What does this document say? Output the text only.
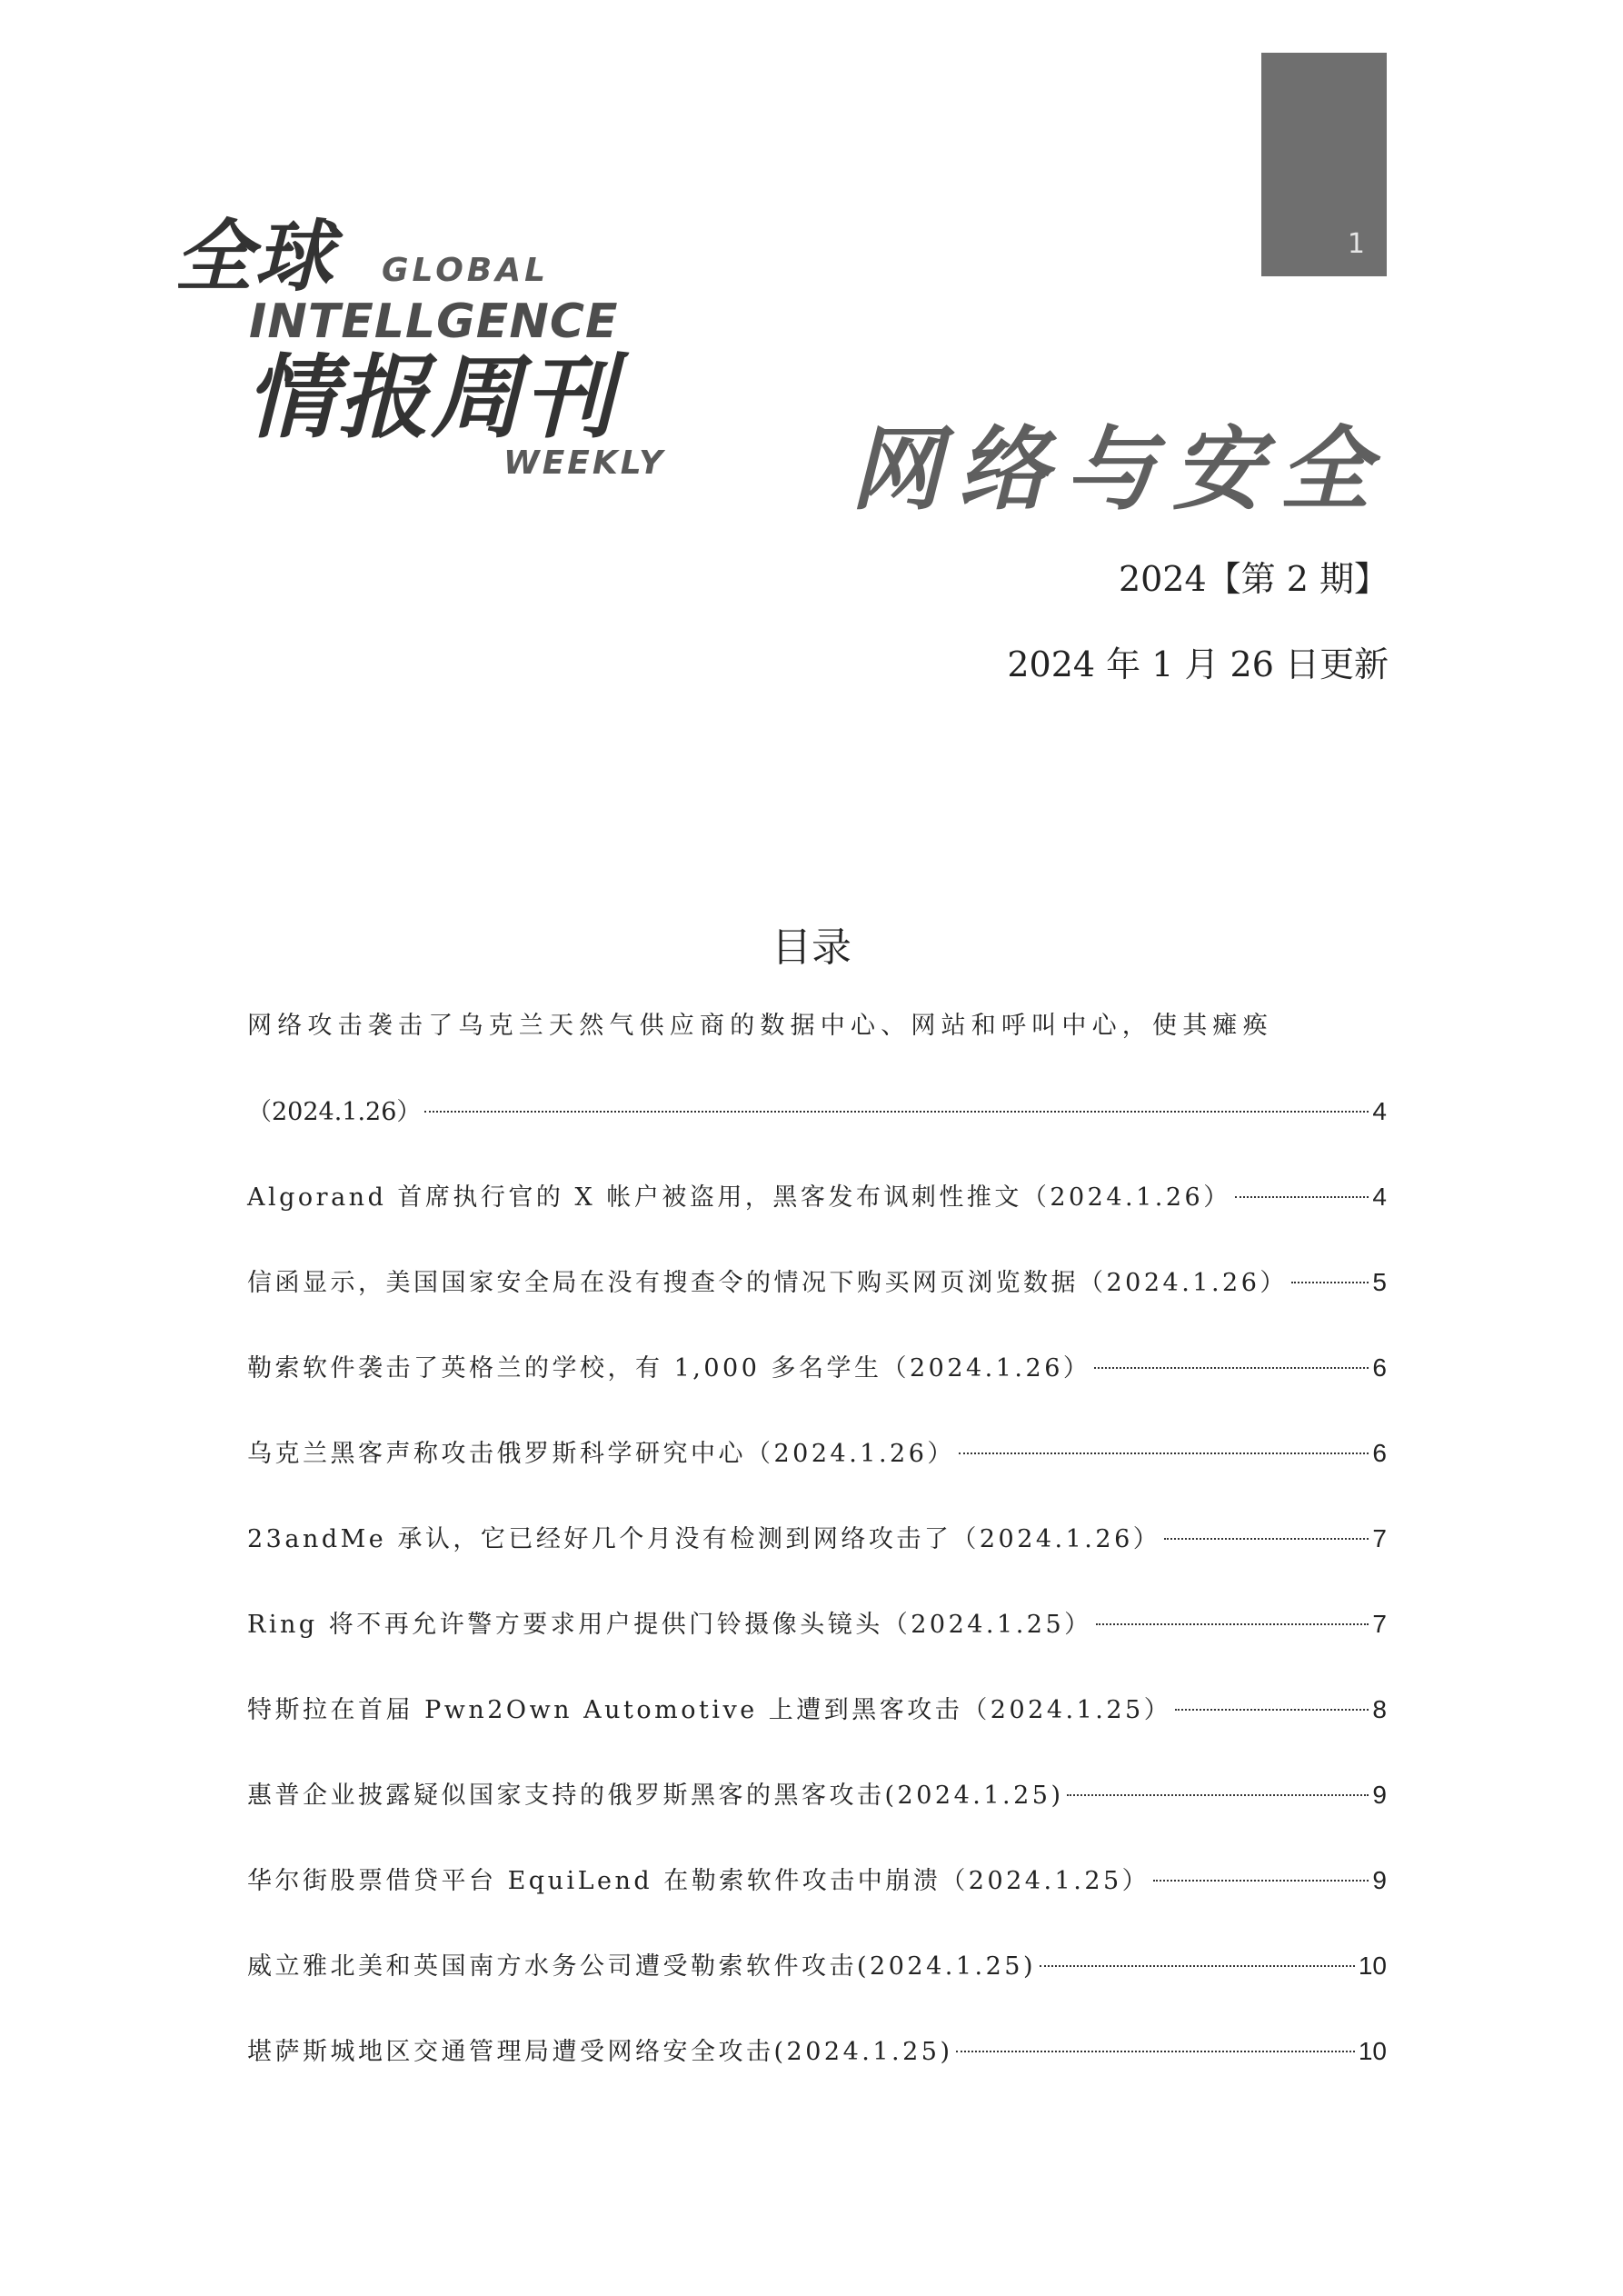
1
全球 GLOBAL
INTELLGENCE
情报周刊
WEEKLY 网络与安全
2024【第 2 期】
2024 年 1 月 26 日更新
目录
网络攻击袭击了乌克兰天然气供应商的数据中心、网站和呼叫中心，使其瘫痪
（2024.1.26）	4
Algorand 首席执行官的 X 帐户被盗用，黑客发布讽刺性推文（2024.1.26）	4
信函显示，美国国家安全局在没有搜查令的情况下购买网页浏览数据（2024.1.26）	5
勒索软件袭击了英格兰的学校，有 1,000 多名学生（2024.1.26）	6
乌克兰黑客声称攻击俄罗斯科学研究中心（2024.1.26）	6
23andMe 承认，它已经好几个月没有检测到网络攻击了（2024.1.26）	7
Ring 将不再允许警方要求用户提供门铃摄像头镜头（2024.1.25）	7
特斯拉在首届 Pwn2Own Automotive 上遭到黑客攻击（2024.1.25）	8
惠普企业披露疑似国家支持的俄罗斯黑客的黑客攻击(2024.1.25)	9
华尔街股票借贷平台 EquiLend 在勒索软件攻击中崩溃（2024.1.25）	9
威立雅北美和英国南方水务公司遭受勒索软件攻击(2024.1.25)	10
堪萨斯城地区交通管理局遭受网络安全攻击(2024.1.25)	10
